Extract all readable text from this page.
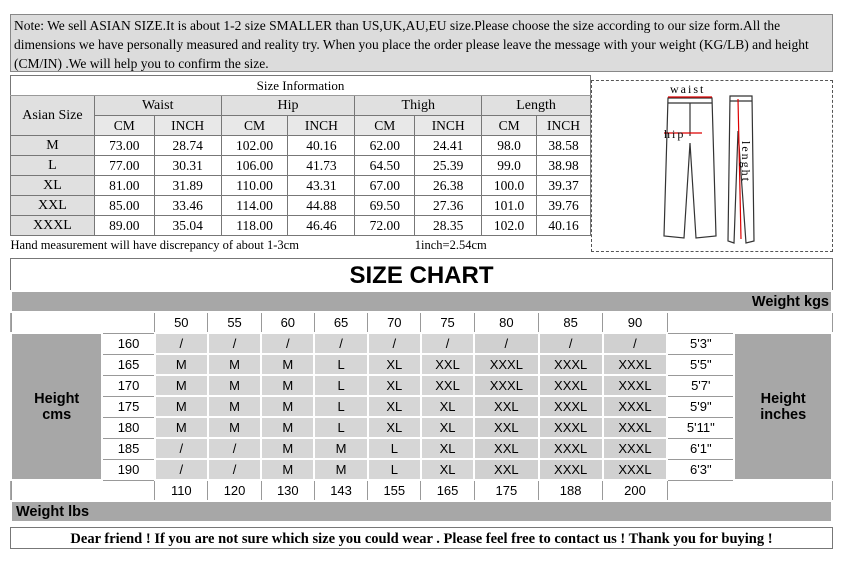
Note: We sell ASIAN SIZE.It is about 1-2 size SMALLER than US,UK,AU,EU size.Please choose the size according to our size form.All the dimensions we have personally measured and reality try. When you place the order please leave the message with your weight (KG/LB) and height (CM/IN) .We will help you to confirm the size.
Size Information								
Asian Size	Waist		Hip		Thigh		Length	
	CM	INCH	CM	INCH	CM	INCH	CM	INCH
M	73.00	28.74	102.00	40.16	62.00	24.41	98.0	38.58
L	77.00	30.31	106.00	41.73	64.50	25.39	99.0	38.98
XL	81.00	31.89	110.00	43.31	67.00	26.38	100.0	39.37
XXL	85.00	33.46	114.00	44.88	69.50	27.36	101.0	39.76
XXXL	89.00	35.04	118.00	46.46	72.00	28.35	102.0	40.16
Hand measurement will have discrepancy of about 1-3cm						1inch=2.54cm		
waist
hip
lenght
SIZE CHART
Weight kgs												
		50	55	60	65	70	75	80	85	90		
Height cms	160	/	/	/	/	/	/	/	/	/	5'3"	Height inches
	165	M	M	M	L	XL	XXL	XXXL	XXXL	XXXL	5'5"	
	170	M	M	M	L	XL	XXL	XXXL	XXXL	XXXL	5'7'	
	175	M	M	M	L	XL	XL	XXL	XXXL	XXXL	5'9"	
	180	M	M	M	L	XL	XL	XXL	XXXL	XXXL	5'11"	
	185	/	/	M	M	L	XL	XXL	XXXL	XXXL	6'1"	
	190	/	/	M	M	L	XL	XXL	XXXL	XXXL	6'3"	
		110	120	130	143	155	165	175	188	200		
Weight lbs												
Dear friend ! If you are not sure which size you could wear . Please feel free to contact us ! Thank you for buying !
